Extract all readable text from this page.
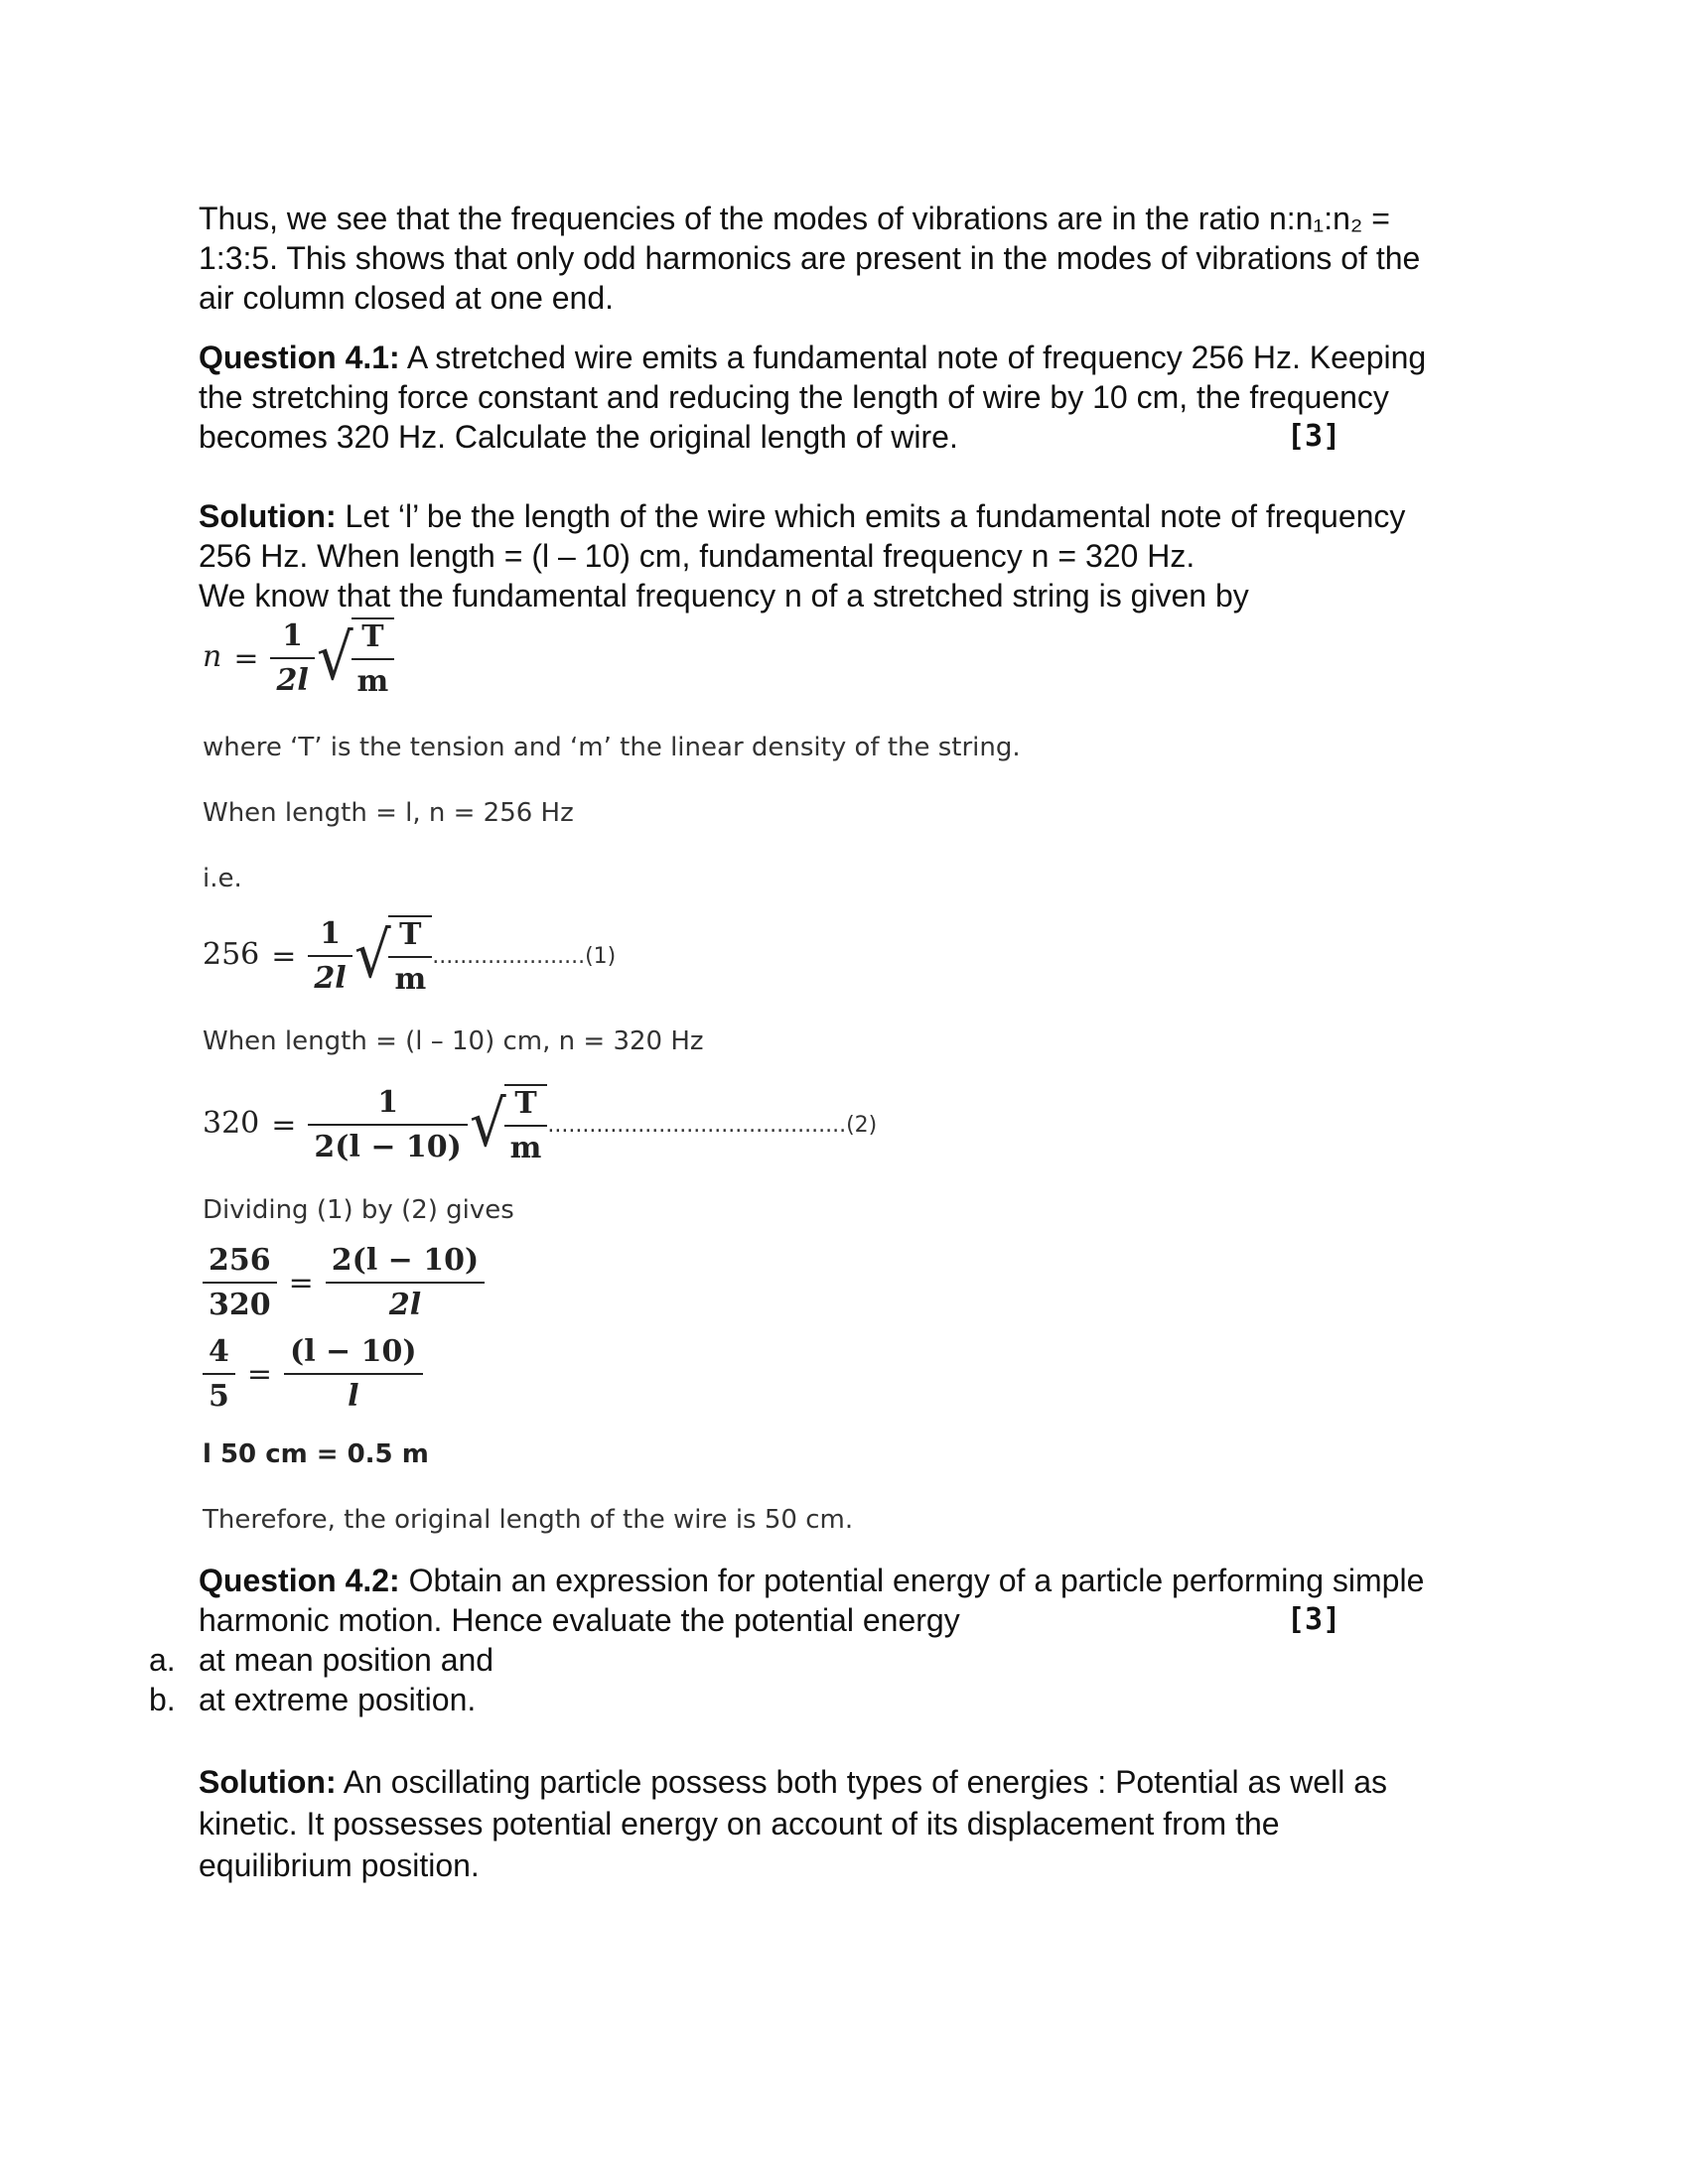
Thus, we see that the frequencies of the modes of vibrations are in the ratio n:n₁:n₂ =

1:3:5. This shows that only odd harmonics are present in the modes of vibrations of the

air column closed at one end.

Question 4.1: A stretched wire emits a fundamental note of frequency 256 Hz. Keeping

the stretching force constant and reducing the length of wire by 10 cm, the frequency

becomes 320 Hz. Calculate the original length of wire.	[3]

Solution: Let ‘l’ be the length of the wire which emits a fundamental note of frequency

256 Hz. When length = (l – 10) cm, fundamental frequency n = 320 Hz.

We know that the fundamental frequency n of a stretched string is given by

$n = \frac{1}{2l}$ √
$\frac{T}{m}$

where ‘T’ is the tension and ‘m’ the linear density of the string.

When length = l, n = 256 Hz

i.e.

$256 = \frac{1}{2l}$ √
$\frac{T}{m} ......................(1)$

When length = (l – 10) cm, n = 320 Hz

$320 = \frac{1}{2(l - 10)}$ √
$\frac{T}{m} ...........................................(2)$

Dividing (1) by (2) gives

$\frac{256}{320} = \frac{2(l - 10)}{2l}$
$\frac{4}{5} = \frac{(l - 10)}{l}$

l 50 cm = 0.5 m

Therefore, the original length of the wire is 50 cm.

Question 4.2: Obtain an expression for potential energy of a particle performing simple

harmonic motion. Hence evaluate the potential energy	[3]
a. at mean position and

b. at extreme position.

Solution: An oscillating particle possess both types of energies : Potential as well as

kinetic. It possesses potential energy on account of its displacement from the

equilibrium position.
